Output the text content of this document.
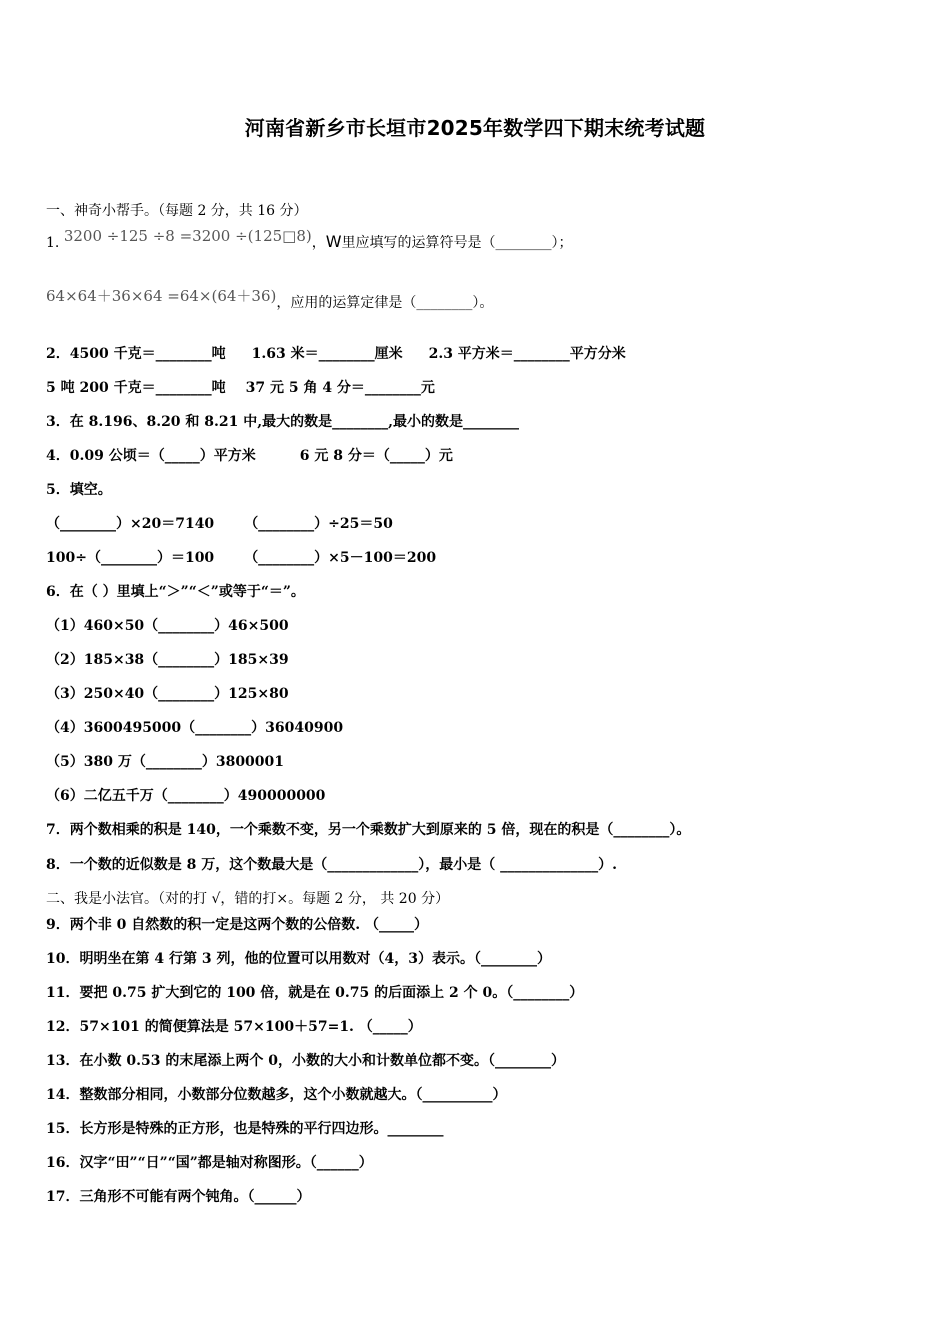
河南省新乡市长垣市2025年数学四下期末统考试题
一、神奇小帮手。（每题 2 分，共 16 分）
1. 3200 ÷125 ÷8 =3200 ÷(125□8)，W里应填写的运算符号是（________）；
64×64＋36×64 =64×(64＋36)，应用的运算定律是（________）。
2．4500 千克＝________吨 1.63 米＝________厘米 2.3 平方米＝________平方分米
5 吨 200 千克＝________吨 37 元 5 角 4 分＝________元
3．在 8.196、8.20 和 8.21 中,最大的数是________,最小的数是________
4．0.09 公顷＝（_____）平方米	6 元 8 分＝（_____）元
5．填空。
（________）×20＝7140 （________）÷25＝50
100÷（________）＝100 （________）×5－100＝200
6．在（ ）里填上“＞”“＜”或等于“＝”。
（1）460×50（________）46×500
（2）185×38（________）185×39
（3）250×40（________）125×80
（4）3600495000（________）36040900
（5）380 万（________）3800001
（6）二亿五千万（________）490000000
7．两个数相乘的积是 140，一个乘数不变，另一个乘数扩大到原来的 5 倍，现在的积是（________）。
8．一个数的近似数是 8 万，这个数最大是（_____________），最小是（ ______________）.
二、我是小法官。（对的打 √，错的打×。每题 2 分， 共 20 分）
9．两个非 0 自然数的积一定是这两个数的公倍数. （_____）
10．明明坐在第 4 行第 3 列，他的位置可以用数对（4，3）表示。（________）
11．要把 0.75 扩大到它的 100 倍，就是在 0.75 的后面添上 2 个 0。（________）
12．57×101 的简便算法是 57×100＋57=1. （_____）
13．在小数 0.53 的末尾添上两个 0，小数的大小和计数单位都不变。（________）
14．整数部分相同，小数部分位数越多，这个小数就越大。（__________）
15．长方形是特殊的正方形，也是特殊的平行四边形。________
16．汉字“田”“日”“国”都是轴对称图形。（______）
17．三角形不可能有两个钝角。（______）
